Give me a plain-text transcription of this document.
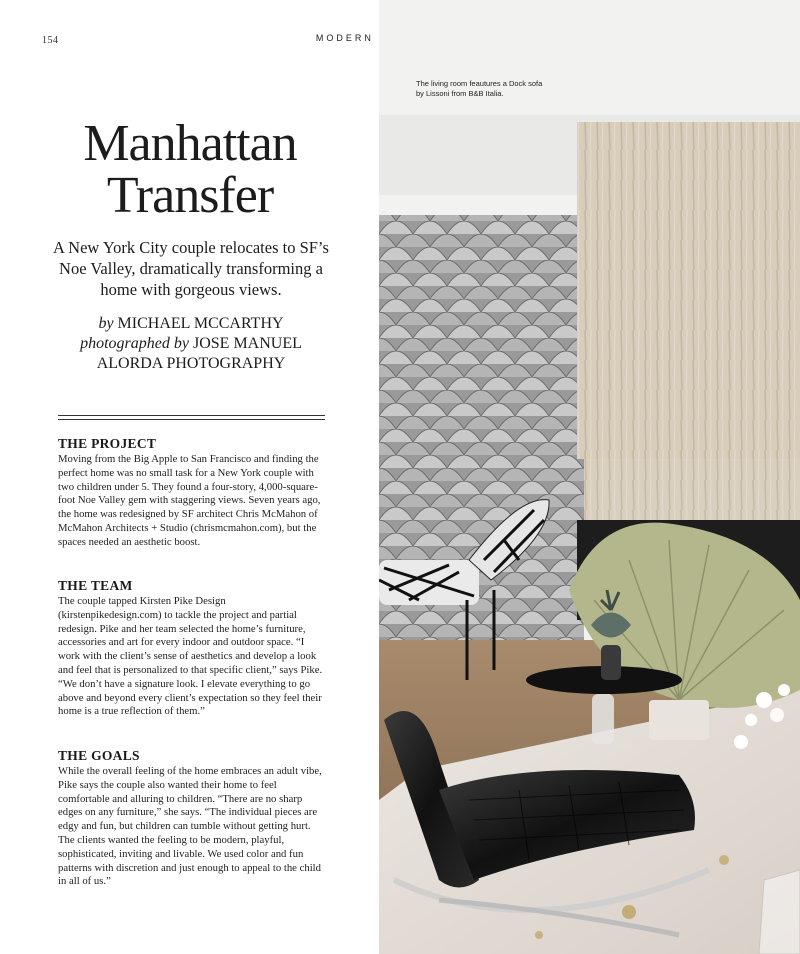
154	MODERN
Manhattan
Transfer

A New York City couple relocates to SF’s Noe Valley, dramatically transforming a home with gorgeous views.

by MICHAEL MCCARTHY
photographed by JOSE MANUEL ALORDA PHOTOGRAPHY
THE PROJECT

Moving from the Big Apple to San Francisco and finding the perfect home was no small task for a New York couple with two children under 5. They found a four-story, 4,000-square-foot Noe Valley gem with staggering views. Seven years ago, the home was redesigned by SF architect Chris McMahon of McMahon Architects + Studio (chrismcmahon.com), but the spaces needed an aesthetic boost.

THE TEAM

The couple tapped Kirsten Pike Design (kirstenpikedesign.com) to tackle the project and partial redesign. Pike and her team selected the home’s furniture, accessories and art for every indoor and outdoor space. “I work with the client’s sense of aesthetics and develop a look and feel that is personalized to that specific client,” says Pike. “We don’t have a signature look. I elevate everything to go above and beyond every client’s expectation so they feel their home is a true reflection of them.”

THE GOALS

While the overall feeling of the home embraces an adult vibe, Pike says the couple also wanted their home to feel comfortable and alluring to children. “There are no sharp edges on any furniture,” she says. “The individual pieces are edgy and fun, but children can tumble without getting hurt. The clients wanted the feeling to be modern, playful, sophisticated, inviting and livable. We used color and fun patterns with discretion and just enough to appeal to the child in all of us.”

The living room feautures a Dock sofa by Lissoni from B&B Italia.
